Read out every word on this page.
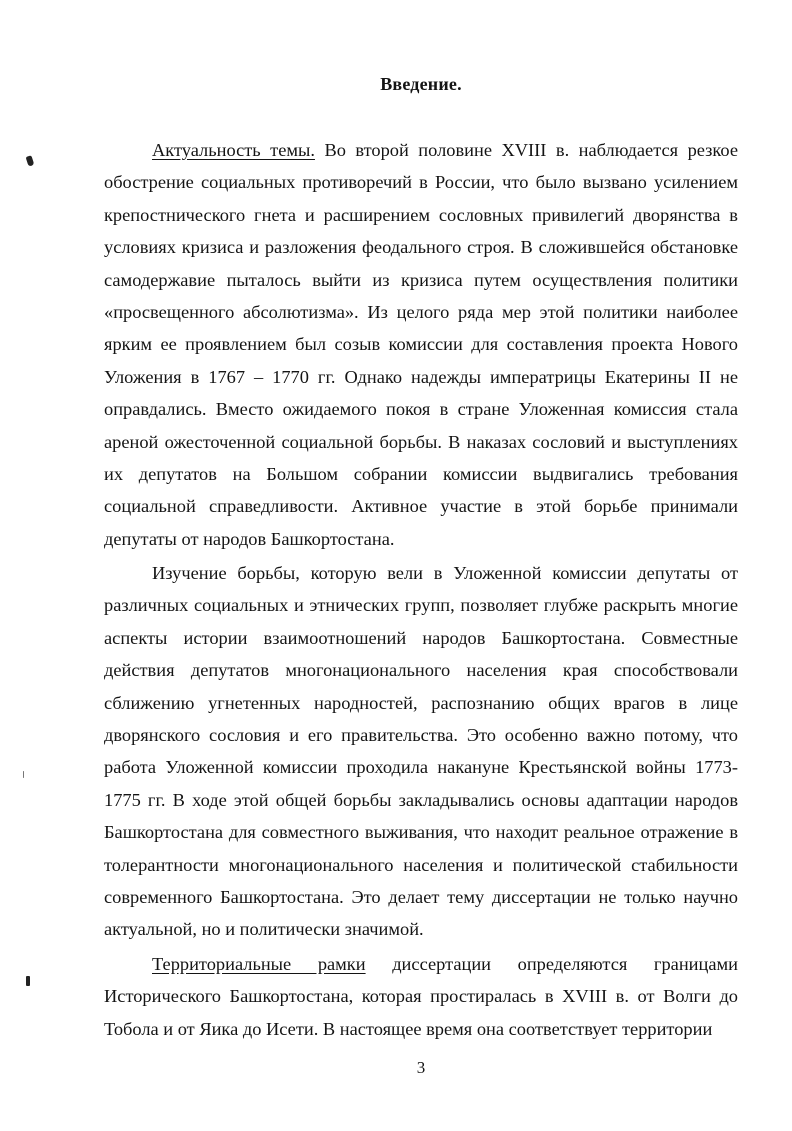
Введение.

Актуальность темы. Во второй половине XVIII в. наблюдается резкое обострение социальных противоречий в России, что было вызвано усилением крепостнического гнета и расширением сословных привилегий дворянства в условиях кризиса и разложения феодального строя. В сложившейся обстановке самодержавие пыталось выйти из кризиса путем осуществления политики «просвещенного абсолютизма». Из целого ряда мер этой политики наиболее ярким ее проявлением был созыв комиссии для составления проекта Нового Уложения в 1767 – 1770 гг. Однако надежды императрицы Екатерины II не оправдались. Вместо ожидаемого покоя в стране Уложенная комиссия стала ареной ожесточенной социальной борьбы. В наказах сословий и выступлениях их депутатов на Большом собрании комиссии выдвигались требования социальной справедливости. Активное участие в этой борьбе принимали депутаты от народов Башкортостана.

Изучение борьбы, которую вели в Уложенной комиссии депутаты от различных социальных и этнических групп, позволяет глубже раскрыть многие аспекты истории взаимоотношений народов Башкортостана. Совместные действия депутатов многонационального населения края способствовали сближению угнетенных народностей, распознанию общих врагов в лице дворянского сословия и его правительства. Это особенно важно потому, что работа Уложенной комиссии проходила накануне Крестьянской войны 1773-1775 гг. В ходе этой общей борьбы закладывались основы адаптации народов Башкортостана для совместного выживания, что находит реальное отражение в толерантности многонационального населения и политической стабильности современного Башкортостана. Это делает тему диссертации не только научно актуальной, но и политически значимой.

Территориальные рамки диссертации определяются границами Исторического Башкортостана, которая простиралась в XVIII в. от Волги до Тобола и от Яика до Исети. В настоящее время она соответствует территории

3
